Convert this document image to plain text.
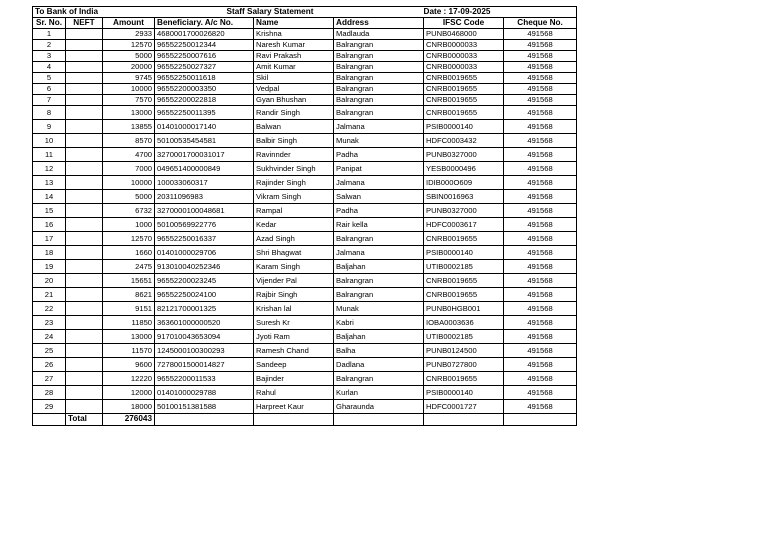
To Bank of India			Staff Salary Statement			Date : 17-09-2025	
Sr. No.	NEFT	Amount	Beneficiary. A/c No.	Name	Address	IFSC Code	Cheque No.
1		2933	4680001700026820	Krishna	Madlauda	PUNB0468000	491568
2		12570	96552250012344	Naresh Kumar	Balrangran	CNRB0000033	491568
3		5000	96552250007616	Ravi Prakash	Balrangran	CNRB0000033	491568
4		20000	96552250027327	Amit Kumar	Balrangran	CNRB0000033	491568
5		9745	96552250011618	Skil	Balrangran	CNRB0019655	491568
6		10000	96552200003350	Vedpal	Balrangran	CNRB0019655	491568
7		7570	96552200022818	Gyan Bhushan	Balrangran	CNRB0019655	491568
8		13000	96552250011395	Randir Singh	Balrangran	CNRB0019655	491568
9		13855	01401000017140	Balwan	Jalmana	PSIB0000140	491568
10		8570	50100535454581	Balbir Singh	Munak	HDFC0003432	491568
11		4700	3270001700031017	Ravinnder	Padha	PUNB0327000	491568
12		7000	049651400000849	Sukhvinder Singh	Panipat	YESB0000496	491568
13		10000	100033060317	Rajinder Singh	Jalmana	IDIB000O609	491568
14		5000	20311096983	Vikram Singh	Salwan	SBIN0016963	491568
15		6732	3270000100048681	Rampal	Padha	PUNB0327000	491568
16		1000	50100569922776	Kedar	Rair kella	HDFC0003617	491568
17		12570	96552250016337	Azad Singh	Balrangran	CNRB0019655	491568
18		1660	01401000029706	Shri Bhagwat	Jalmana	PSIB0000140	491568
19		2475	913010040252346	Karam Singh	Baljahan	UTIB0002185	491568
20		15651	96552200023245	Vijender Pal	Balrangran	CNRB0019655	491568
21		8621	96552250024100	Rajbir Singh	Balrangran	CNRB0019655	491568
22		9151	82121700001325	Krishan lal	Munak	PUNB0HGB001	491568
23		11850	363601000000520	Suresh Kr	Kabri	IOBA0003636	491568
24		13000	917010043653094	Jyoti Ram	Baljahan	UTIB0002185	491568
25		11570	1245000100300293	Ramesh Chand	Balha	PUNB0124500	491568
26		9600	7278001500014827	Sandeep	Dadlana	PUNB0727800	491568
27		12220	96552200011533	Bajinder	Balrangran	CNRB0019655	491568
28		12000	01401000029788	Rahul	Kurlan	PSIB0000140	491568
29		18000	50100151381588	Harpreet Kaur	Gharaunda	HDFC0001727	491568
	Total	276043					
